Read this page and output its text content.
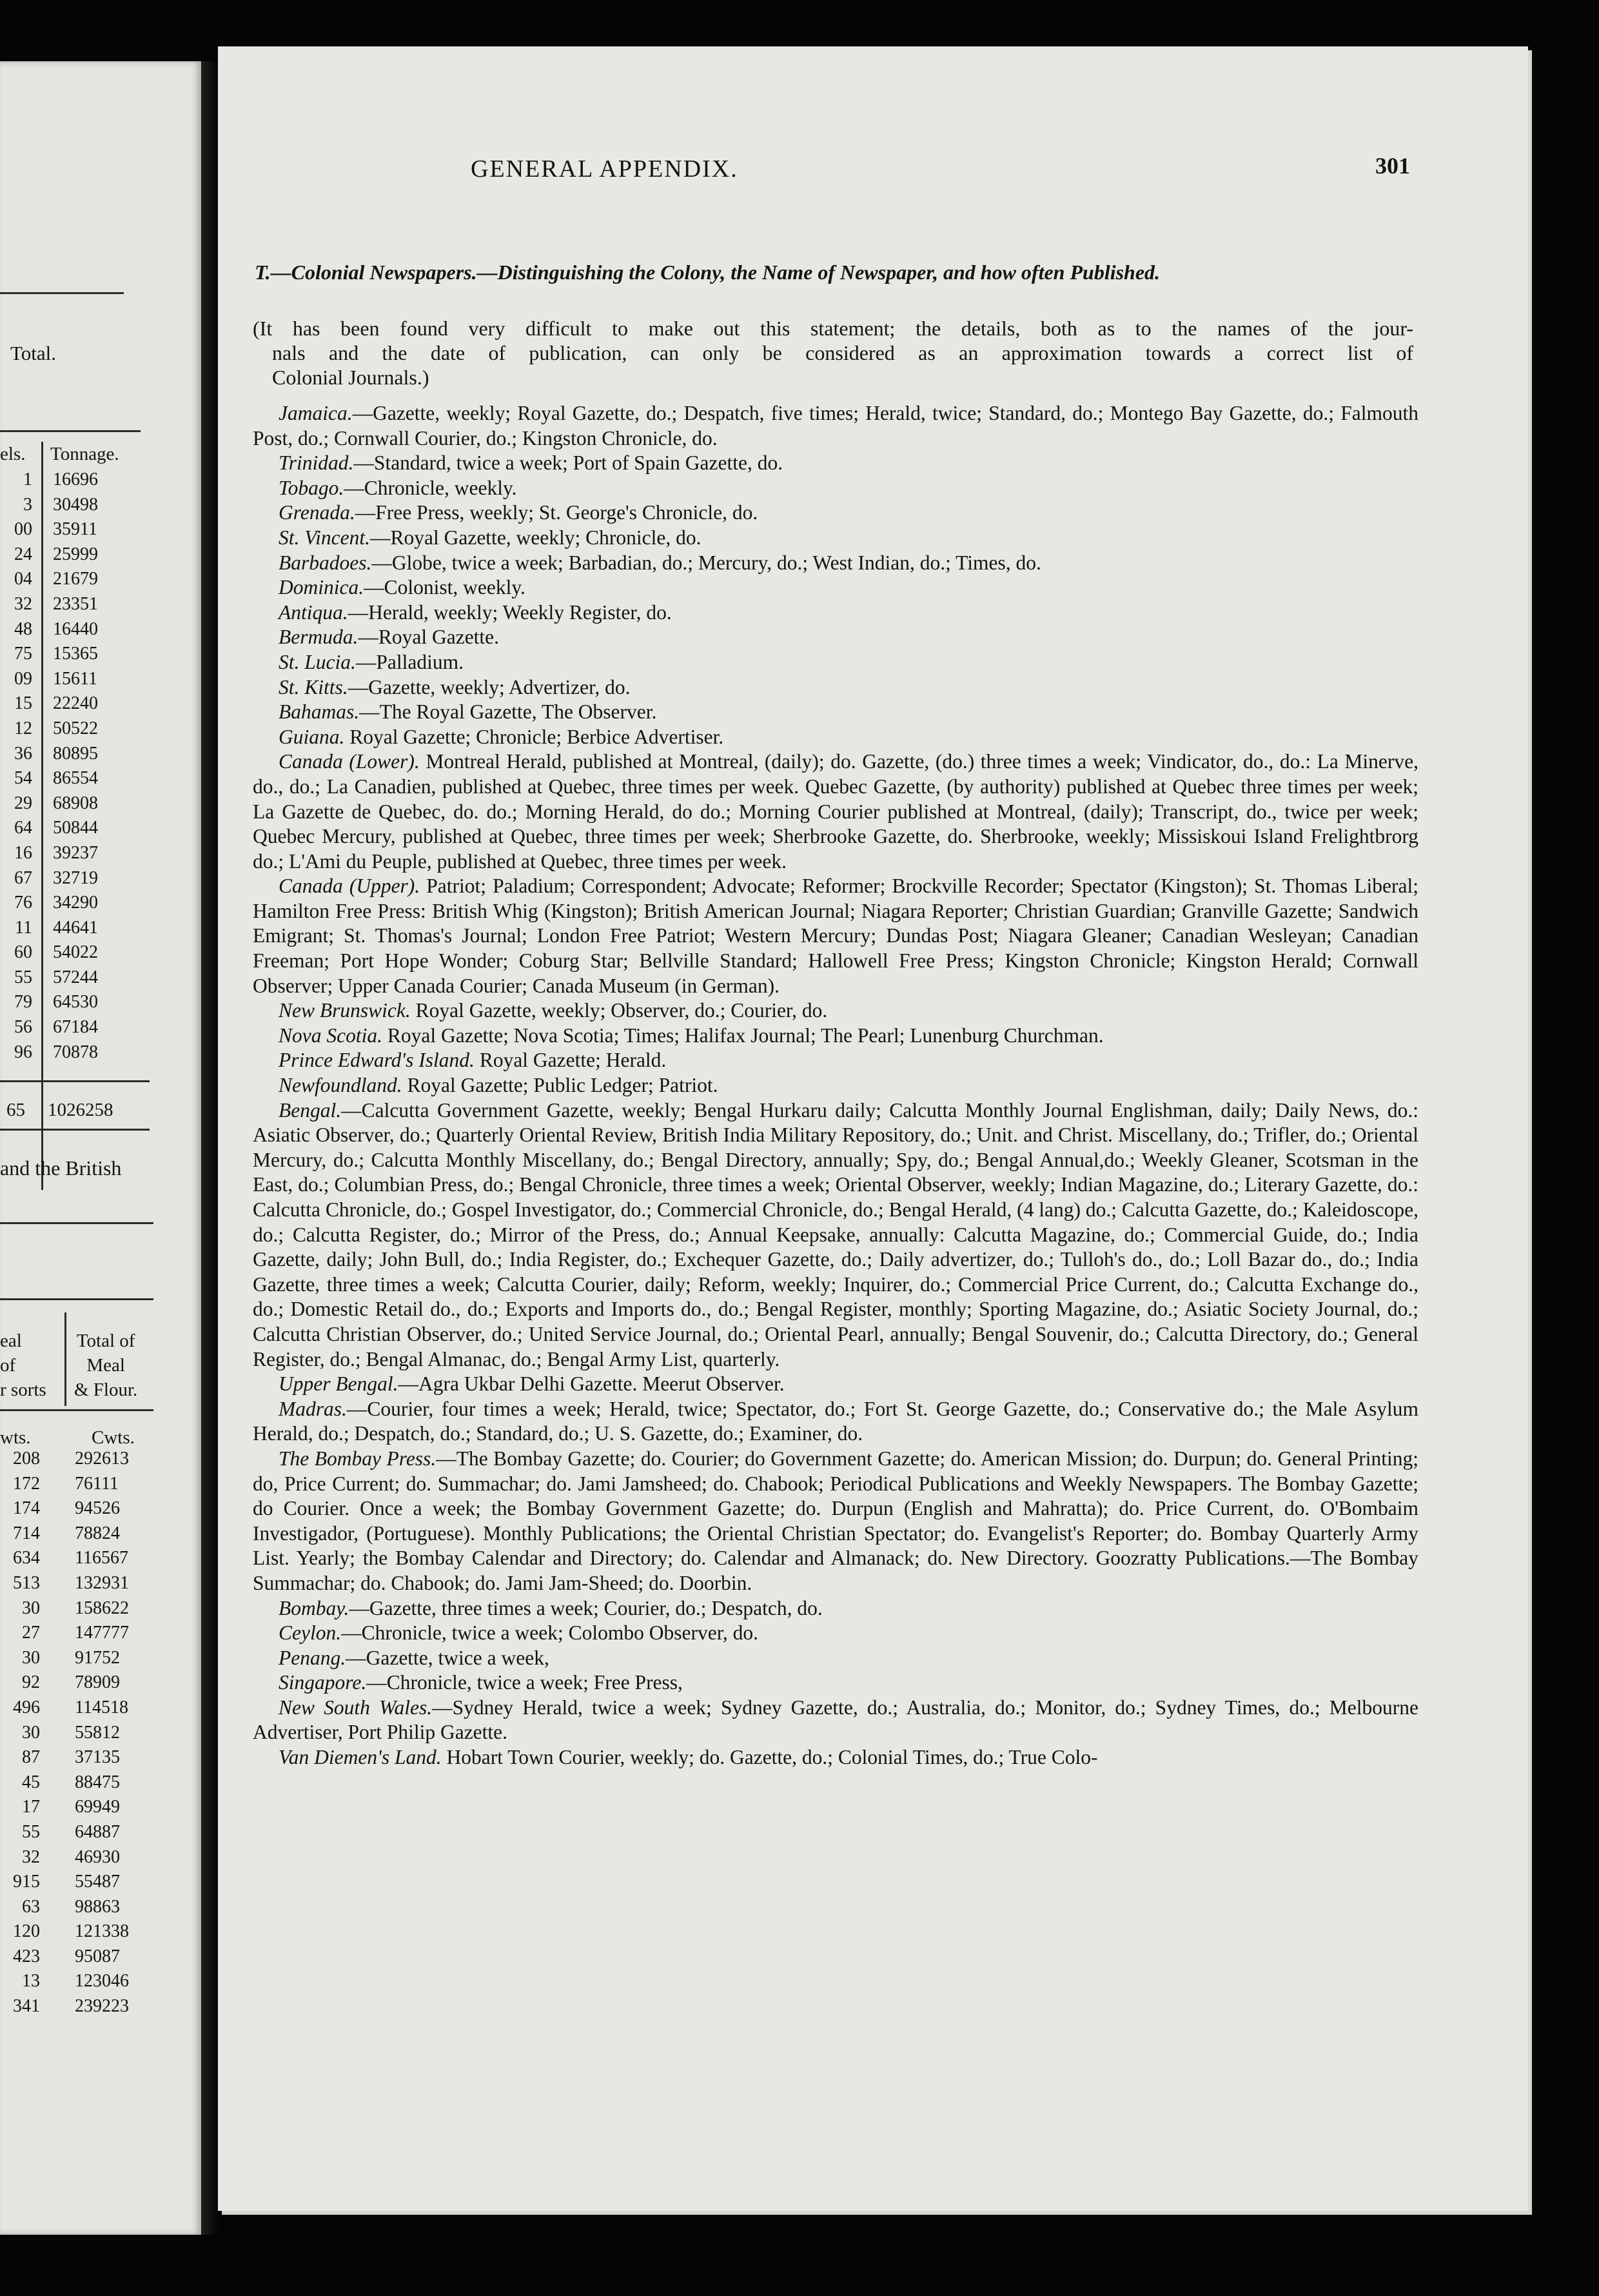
Total.
els. Tonnage.
1
3
00
24
04
32
48
75
09
15
12
36
54
29
64
16
67
76
11
60
55
79
56
96
16696
30498
35911
25999
21679
23351
16440
15365
15611
22240
50522
80895
86554
68908
50844
39237
32719
34290
44641
54022
57244
64530
67184
70878
65 1026258
and the British
eal
of
r sorts
Total of
Meal
& Flour.
wts.	Cwts.
208
172
174
714
634
513
30
27
30
92
496
30
87
45
17
55
32
915
63
120
423
13
341
292613
76111
94526
78824
116567
132931
158622
147777
91752
78909
114518
55812
37135
88475
69949
64887
46930
55487
98863
121338
95087
123046
239223
GENERAL APPENDIX.	301
T.—Colonial Newspapers.—Distinguishing the Colony, the Name of Newspaper, and how often Published.
(It has been found very difficult to make out this statement; the details, both as to the names of the jour-
nals and the date of publication, can only be considered as an approximation towards a correct list of
Colonial Journals.)

Jamaica.—Gazette, weekly; Royal Gazette, do.; Despatch, five times; Herald, twice; Standard, do.; Montego Bay Gazette, do.; Falmouth Post, do.; Cornwall Courier, do.; Kingston Chronicle, do.

Trinidad.—Standard, twice a week; Port of Spain Gazette, do.

Tobago.—Chronicle, weekly.

Grenada.—Free Press, weekly; St. George's Chronicle, do.

St. Vincent.—Royal Gazette, weekly; Chronicle, do.

Barbadoes.—Globe, twice a week; Barbadian, do.; Mercury, do.; West Indian, do.; Times, do.

Dominica.—Colonist, weekly.

Antiqua.—Herald, weekly; Weekly Register, do.

Bermuda.—Royal Gazette.

St. Lucia.—Palladium.

St. Kitts.—Gazette, weekly; Advertizer, do.

Bahamas.—The Royal Gazette, The Observer.

Guiana. Royal Gazette; Chronicle; Berbice Advertiser.

Canada (Lower). Montreal Herald, published at Montreal, (daily); do. Gazette, (do.) three times a week; Vindicator, do., do.: La Minerve, do., do.; La Canadien, published at Quebec, three times per week. Quebec Gazette, (by authority) published at Quebec three times per week; La Gazette de Quebec, do. do.; Morning Herald, do do.; Morning Courier published at Montreal, (daily); Transcript, do., twice per week; Quebec Mercury, published at Quebec, three times per week; Sherbrooke Gazette, do. Sherbrooke, weekly; Missiskoui Island Frelightbrorg do.; L'Ami du Peuple, published at Quebec, three times per week.

Canada (Upper). Patriot; Paladium; Correspondent; Advocate; Reformer; Brockville Recorder; Spectator (Kingston); St. Thomas Liberal; Hamilton Free Press: British Whig (Kingston); British American Journal; Niagara Reporter; Christian Guardian; Granville Gazette; Sandwich Emigrant; St. Thomas's Journal; London Free Patriot; Western Mercury; Dundas Post; Niagara Gleaner; Canadian Wesleyan; Canadian Freeman; Port Hope Wonder; Coburg Star; Bellville Standard; Hallowell Free Press; Kingston Chronicle; Kingston Herald; Cornwall Observer; Upper Canada Courier; Canada Museum (in German).

New Brunswick. Royal Gazette, weekly; Observer, do.; Courier, do.

Nova Scotia. Royal Gazette; Nova Scotia; Times; Halifax Journal; The Pearl; Lunenburg Churchman.

Prince Edward's Island. Royal Gazette; Herald.

Newfoundland. Royal Gazette; Public Ledger; Patriot.

Bengal.—Calcutta Government Gazette, weekly; Bengal Hurkaru daily; Calcutta Monthly Journal Englishman, daily; Daily News, do.: Asiatic Observer, do.; Quarterly Oriental Review, British India Military Repository, do.; Unit. and Christ. Miscellany, do.; Trifler, do.; Oriental Mercury, do.; Calcutta Monthly Miscellany, do.; Bengal Directory, annually; Spy, do.; Bengal Annual,do.; Weekly Gleaner, Scotsman in the East, do.; Columbian Press, do.; Bengal Chronicle, three times a week; Oriental Observer, weekly; Indian Magazine, do.; Literary Gazette, do.: Calcutta Chronicle, do.; Gospel Investigator, do.; Commercial Chronicle, do.; Bengal Herald, (4 lang) do.; Calcutta Gazette, do.; Kaleidoscope, do.; Calcutta Register, do.; Mirror of the Press, do.; Annual Keepsake, annually: Calcutta Magazine, do.; Commercial Guide, do.; India Gazette, daily; John Bull, do.; India Register, do.; Exchequer Gazette, do.; Daily advertizer, do.; Tulloh's do., do.; Loll Bazar do., do.; India Gazette, three times a week; Calcutta Courier, daily; Reform, weekly; Inquirer, do.; Commercial Price Current, do.; Calcutta Exchange do., do.; Domestic Retail do., do.; Exports and Imports do., do.; Bengal Register, monthly; Sporting Magazine, do.; Asiatic Society Journal, do.; Calcutta Christian Observer, do.; United Service Journal, do.; Oriental Pearl, annually; Bengal Souvenir, do.; Calcutta Directory, do.; General Register, do.; Bengal Almanac, do.; Bengal Army List, quarterly.

Upper Bengal.—Agra Ukbar Delhi Gazette. Meerut Observer.

Madras.—Courier, four times a week; Herald, twice; Spectator, do.; Fort St. George Gazette, do.; Conservative do.; the Male Asylum Herald, do.; Despatch, do.; Standard, do.; U. S. Gazette, do.; Examiner, do.

The Bombay Press.—The Bombay Gazette; do. Courier; do Government Gazette; do. American Mission; do. Durpun; do. General Printing; do, Price Current; do. Summachar; do. Jami Jamsheed; do. Chabook; Periodical Publications and Weekly Newspapers. The Bombay Gazette; do Courier. Once a week; the Bombay Government Gazette; do. Durpun (English and Mahratta); do. Price Current, do. O'Bombaim Investigador, (Portuguese). Monthly Publications; the Oriental Christian Spectator; do. Evangelist's Reporter; do. Bombay Quarterly Army List. Yearly; the Bombay Calendar and Directory; do. Calendar and Almanack; do. New Directory. Goozratty Publications.—The Bombay Summachar; do. Chabook; do. Jami Jam-Sheed; do. Doorbin.

Bombay.—Gazette, three times a week; Courier, do.; Despatch, do.

Ceylon.—Chronicle, twice a week; Colombo Observer, do.

Penang.—Gazette, twice a week,

Singapore.—Chronicle, twice a week; Free Press,

New South Wales.—Sydney Herald, twice a week; Sydney Gazette, do.; Australia, do.; Monitor, do.; Sydney Times, do.; Melbourne Advertiser, Port Philip Gazette.

Van Diemen's Land. Hobart Town Courier, weekly; do. Gazette, do.; Colonial Times, do.; True Colo-
